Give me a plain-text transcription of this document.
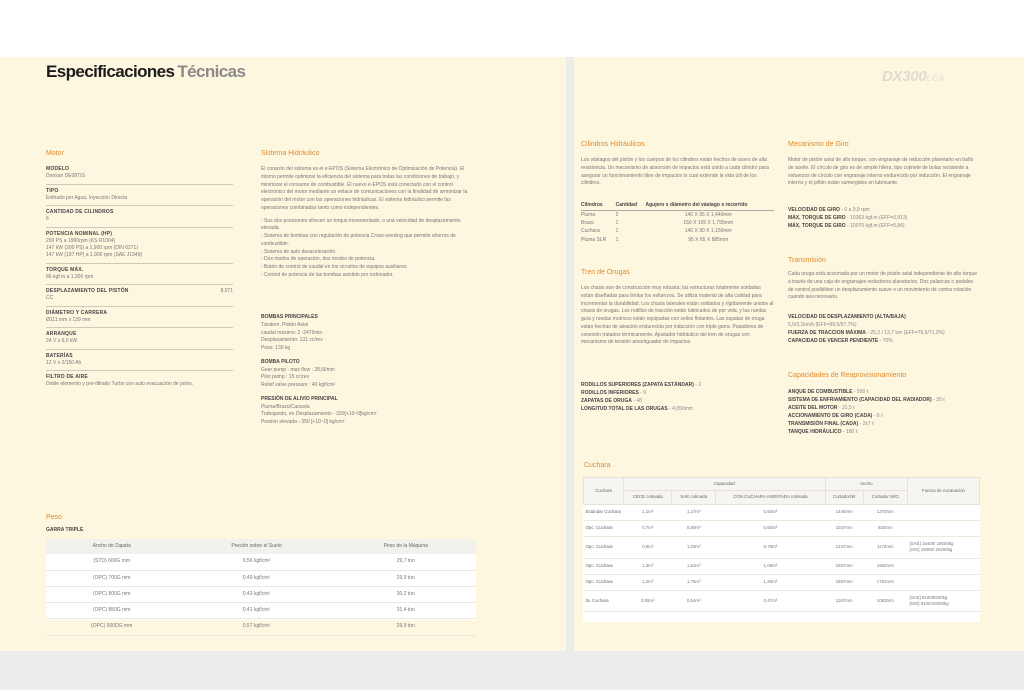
Especificaciones Técnicas	DX300LCA
Motor
MODELO
Doosan DE08TIS
TIPO
Enfriado por Agua, Inyección Directa
CANTIDAD DE CILINDROS
6
POTENCIA NOMINAL (HP)
200 PS a 1900rpm (KS R1004)
147 kW (200 PS) a 1,900 rpm (DIN 6271)
147 kW (197 HP) a 1,900 rpm (SAE J1349)
TORQUE MÁX.
86 kgf.m a 1,300 rpm
DESPLAZAMIENTO DEL PISTÓN
CC
8,071
DIÁMETRO Y CARRERA
Ø111 mm x 139 mm
ARRANQUE
24 V x 6,0 kW
BATERÍAS
12 V x 2/150 Ah
FILTRO DE AIRE
Doble elemento y pre-filtrado Turbo con auto evacuación de polvo.
Sistema Hidráulico

El corazón del sistema es el e-EPOS (Sistema Electrónico de Optimización de Potencia). El mismo permite optimizar la eficiencia del sistema para todas las condiciones de trabajo, y minimizar el consumo de combustible. El nuevo e-EPOS está conectado con el control electrónico del motor mediante un enlace de comunicaciones con la finalidad de armonizar la operación del motor con las operaciones hidráulicas. El sistema hidráulico permite las operaciones combinadas tanto como independientes.

- Sus dos posiciones ofrecen un torque incrementado, o una velocidad de desplazamiento elevada.
- Sistema de bombas con regulación de potencia Cross-sensing que permite ahorros de combustible.
- Sistema de auto desaceleración.
- Dos modos de operación, dos modos de potencia.
- Botón de control de caudal en los circuitos de equipos auxiliares.
- Control de potencia de las bombas asistido por ordenador.
BOMBAS PRINCIPALES
Tándem, Pistón Axial
caudal máximo: 2 -247l/min
Desplazamiento: 131 cc/rev
Peso: 130 kg
BOMBA PILOTO
Gear pump - max flow : 28,5l/min
Pilot pump : 15 cc/rev
Relief valve pressure : 40 kgf/cm²
PRESIÓN DE ALIVIO PRINCIPAL
Pluma/Brazo/Canasta
Trabajando, en Desplazamiento - 330[+10~0]kg/cm²
Presión elevada - 350 [+10~0] kg/cm²
Peso
GARRA TRIPLE
Ancho de Zapata	Presión sobre el Suelo	Peso de la Máquina
(STD) 600G mm	0,56 kgf/cm²	29,7 ton
(OPC) 700G mm	0,49 kgf/cm²	29,9 ton
(OPC) 800G mm	0,43 kgf/cm²	30,2 ton
(OPC) 850G mm	0,41 kgf/cm²	31,4 ton
(OPC) 600DG mm	0,57 kgf/cm²	29,9 ton
Cilindros Hidráulicos

Los vástagos del pistón y los cuerpos de los cilindros están hechos de acero de alta resistencia. Un mecanismo de absorción de impactos está unido a cada cilindro para asegurar un funcionamiento libre de impactos lo cual extiende la vida útil de los cilindros.

Cilindros	Cantidad	Agujero x diámetro del vástago x recorrido
Pluma	2	140 X 95 X 1,440mm
Brazo	1	150 X 105 X 1,755mm
Cuchara	1	140 X 90 X 1,150mm
Pluma SLR	1	95 X 65 X 885mm
Tren de Orugas

Los chasis son de construcción muy robusta; las estructuras totalmente soldadas están diseñadas para limitar los esfuerzos. Se utiliza material de alta calidad para incrementar la durabilidad. Los chasis laterales están soldados y rígidamente unidos al chasis de orugas. Los rodillos de tracción están lubricados de por vida, y las ruedas guía y ruedas motrices están equipadas con sellos flotantes. Las zapatas de oruga están hechas de aleación endurecida por inducción con triple garra. Pasadores de conexión tratados térmicamente. Ajustador hidráulico del tren de orugas con mecanismo de tensión amortiguador de impactos.

RODILLOS SUPERIORES (ZAPATA ESTÁNDAR) - 2
RODILLOS INFERIORES - 9
ZAPATAS DE ORUGA - 48
LONGITUD TOTAL DE LAS ORUGAS - 4,050mm
Mecanismo de Giro

Motor de pistón axial de alto torque, con engranaje de reducción planetario en baño de aceite. El círculo de giro es de simple hilera, tipo cojinete de bolas resistente a esfuerzos de círculo con engranaje interno endurecido por inducción. El engranaje interno y el piñón están sumergidos en lubricante.

VELOCIDAD DE GIRO - 0 a 9,9 rpm
MÁX, TORQUE DE GIRO - 10363 kgf.m (EFF=0,913)
MÁX, TORQUE DE GIRO - 10070 kgf.m (EFF=0,84)
Transmisión

Cada oruga está accionada por un motor de pistón axial independiente de alto torque a través de una caja de engranajes reductores planetarios. Dos palancas o pedales de control posibilitan un desplazamiento suave o un movimiento de contra rotación cuando sea necesario.

VELOCIDAD DE DESPLAZAMIENTO (ALTA/BAJA)
5,0/3,1km/h (EFF=98,5/97,7%)
FUERZA DE TRACCION MÁXIMA - 25,2 / 13,7 ton (EFF=76,5/71,2%)
CAPACIDAD DE VENCER PENDIENTE - 70%
Capacidades de Reaprovisionamiento
ANQUE DE COMBUSTIBLE - 500 ℓ
SISTEMA DE ENFRIAMIENTO (CAPACIDAD DEL RADIADOR) - 35 ℓ
ACEITE DEL MOTOR - 31,5 ℓ
ACCIONAMIENTO DE GIRO (CADA) - 6 ℓ
TRANSMISIÓN FINAL (CADA) - 2x7 ℓ
TANQUE HIDRÁULICO - 180 ℓ
Cuchara
Cuchara	Capacidad			Ancho		Fuerza de excavación
	CECE colmada	SAE colmada	CON CUCHARA ASENTADA colmada	Cortador/W	Cortador W/O	
Estándar Cuchara	1,1m³	1,27m³	0,93m³	1445mm	1370mm	
Opc. Cuchara	0,7m³	0,80m³	0,60m³	1037mm	920mm	
Opc. Cuchara	0,9m³	1,03m³	0,78m³	1247mm	1172mm	[SAE] 16400/ 18000kg
[ISO] 19000/ 20400kg

Opc. Cuchara	1,3m³	1,51m³	1,09m³	1657mm	1582mm	
Opc. Cuchara	1,2m³	1,75m³	1,26m³	1867mm	1792mm	
SL Cuchara	0,55m³	0,64m³	0,47m³	1167mm	1083mm	[SAE] 8100/8600kg
[ISO] 9400/10000kg
